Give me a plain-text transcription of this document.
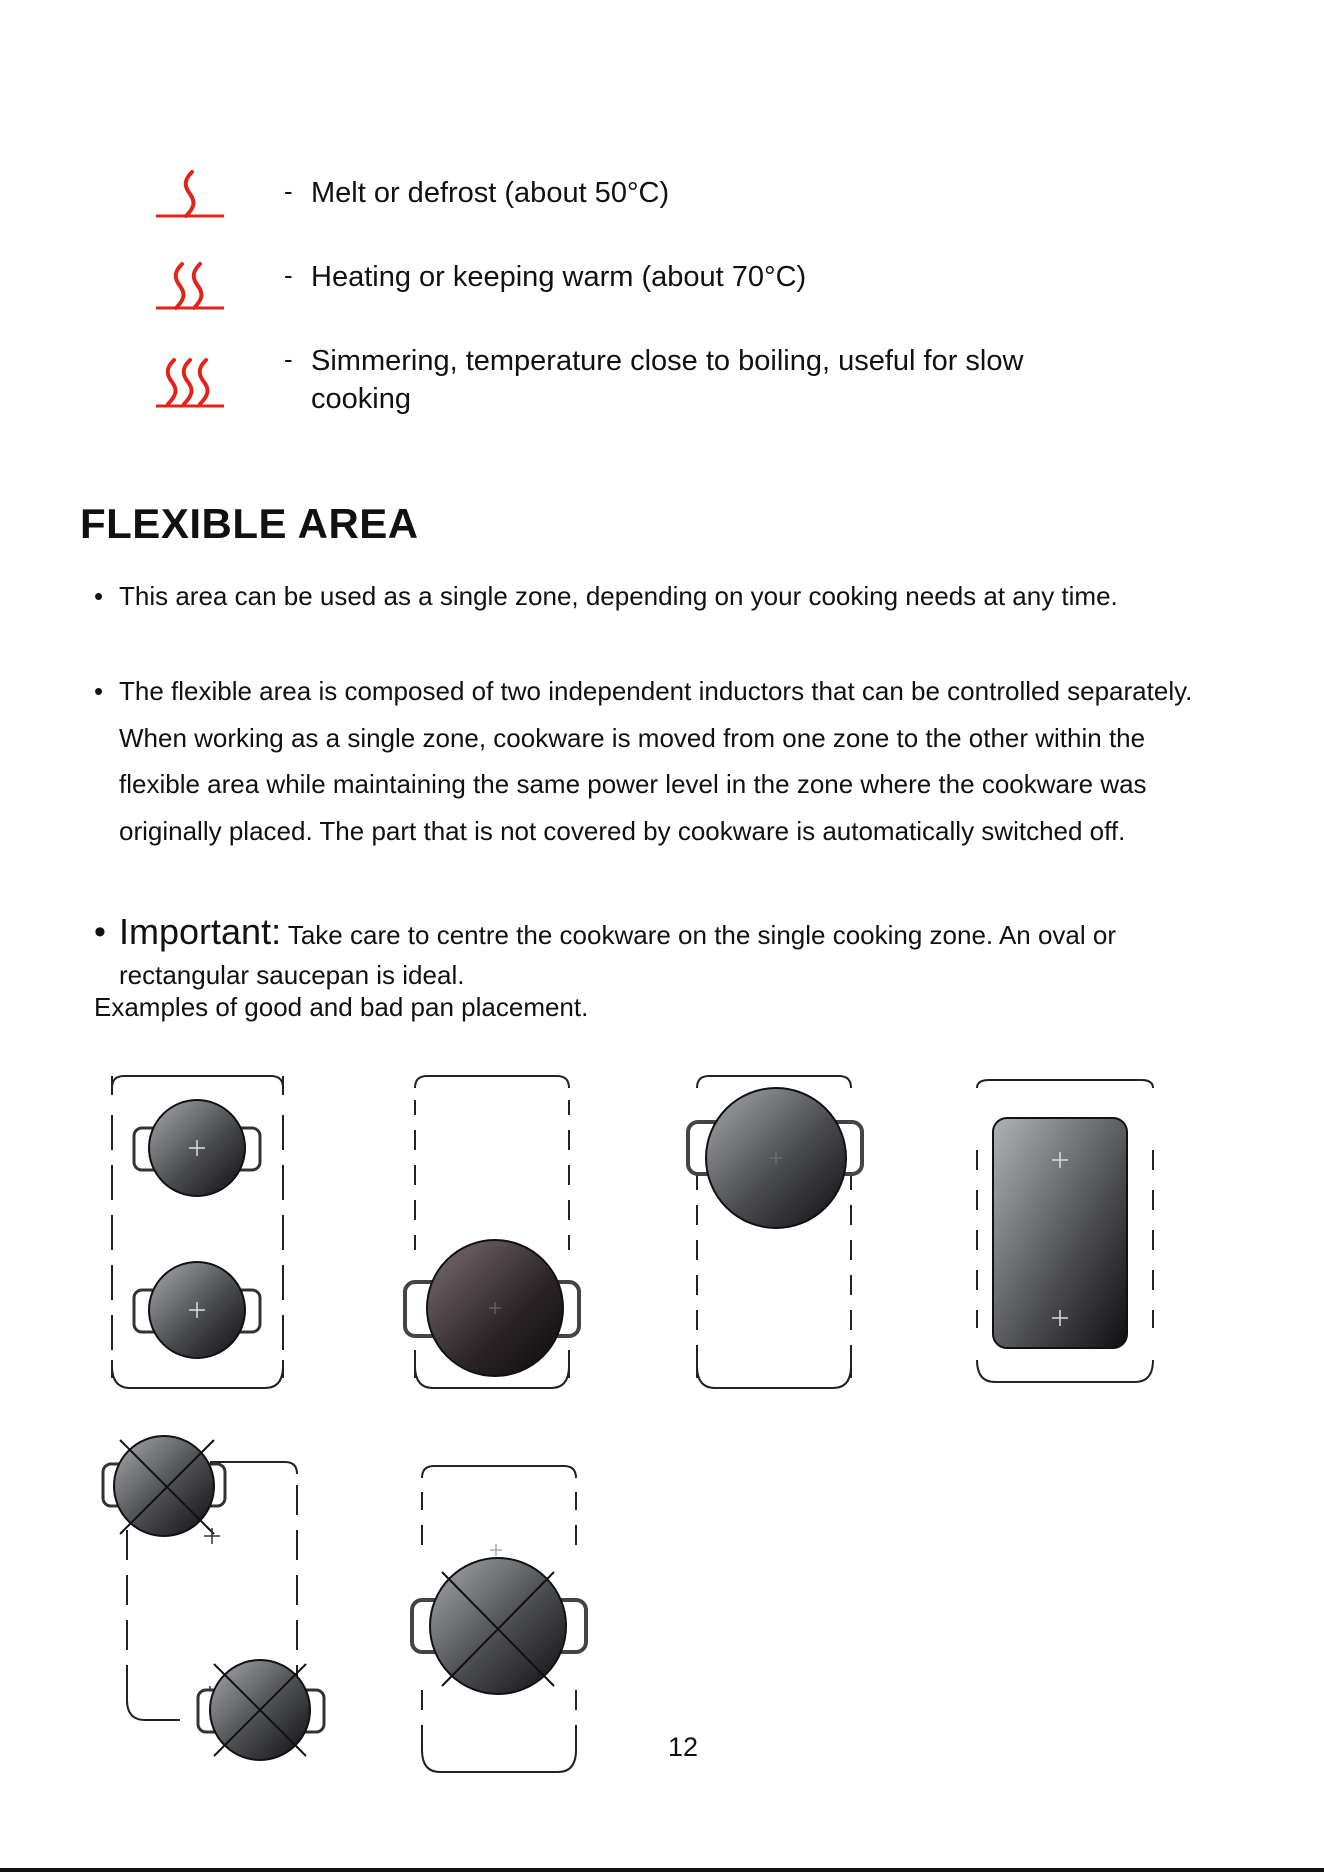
- Melt or defrost (about 50°C)
- Heating or keeping warm (about 70°C)
- Simmering, temperature close to boiling, useful for slow cooking
FLEXIBLE AREA
• This area can be used as a single zone, depending on your cooking needs at any time.
• The flexible area is composed of two independent inductors that can be controlled separately. When working as a single zone, cookware is moved from one zone to the other within the flexible area while maintaining the same power level in the zone where the cookware was originally placed. The part that is not covered by cookware is automatically switched off.
• Important: Take care to centre the cookware on the single cooking zone. An oval or rectangular saucepan is ideal.
Examples of good and bad pan placement.
12
